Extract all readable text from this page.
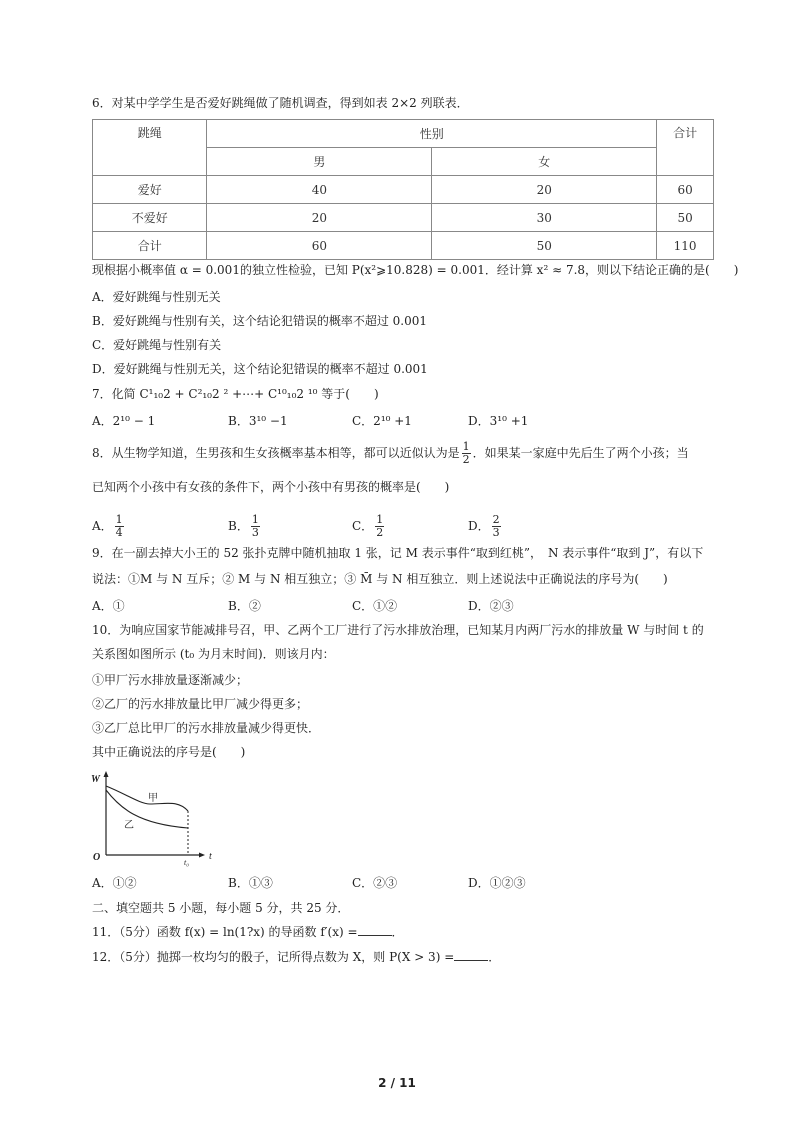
6．对某中学学生是否爱好跳绳做了随机调查，得到如表 2×2 列联表．
跳绳	性别		合计
	男	女	
爱好	40	20	60
不爱好	20	30	50
合计	60	50	110
现根据小概率值 α = 0.001的独立性检验，已知 P(x²⩾10.828) = 0.001．经计算 x² ≈ 7.8，则以下结论正确的是(　　)
A．爱好跳绳与性别无关
B．爱好跳绳与性别有关，这个结论犯错误的概率不超过 0.001
C．爱好跳绳与性别有关
D．爱好跳绳与性别无关，这个结论犯错误的概率不超过 0.001
7．化简 C¹₁₀2 + C²₁₀2 ² +⋯+ C¹⁰₁₀2 ¹⁰ 等于(　　)
A．2¹⁰ − 1	B．3¹⁰ −1	C．2¹⁰ +1	D．3¹⁰ +1
8．从生物学知道，生男孩和生女孩概率基本相等，都可以近似认为是 $\frac{1}{2}$ ．如果某一家庭中先后生了两个小孩；当
已知两个小孩中有女孩的条件下，两个小孩中有男孩的概率是(　　)
A． $\frac{1}{4}$	B． $\frac{1}{3}$	C． $\frac{1}{2}$	D． $\frac{2}{3}$
9．在一副去掉大小王的 52 张扑克牌中随机抽取 1 张，记 M 表示事件“取到红桃”，　N 表示事件“取到 J”，有以下
说法：①M 与 N 互斥；② M 与 N 相互独立；③ M̄ 与 N 相互独立．则上述说法中正确说法的序号为(　　)
A．①	B．②	C．①②	D．②③
10．为响应国家节能减排号召，甲、乙两个工厂进行了污水排放治理，已知某月内两厂污水的排放量 W 与时间 t 的
关系图如图所示 (t₀ 为月末时间)．则该月内：
①甲厂污水排放量逐渐减少；
②乙厂的污水排放量比甲厂减少得更多；
③乙厂总比甲厂的污水排放量减少得更快．
其中正确说法的序号是(　　)
W
t
O	t₀
甲
乙
A．①②	B．①③	C．②③	D．①②③
二、填空题共 5 小题，每小题 5 分，共 25 分．
11．（5分）函数 f(x) = ln(1?x) 的导函数 f′(x) =	．
12．（5分）抛掷一枚均匀的骰子，记所得点数为 X，则 P(X > 3) =	．
2 / 11
